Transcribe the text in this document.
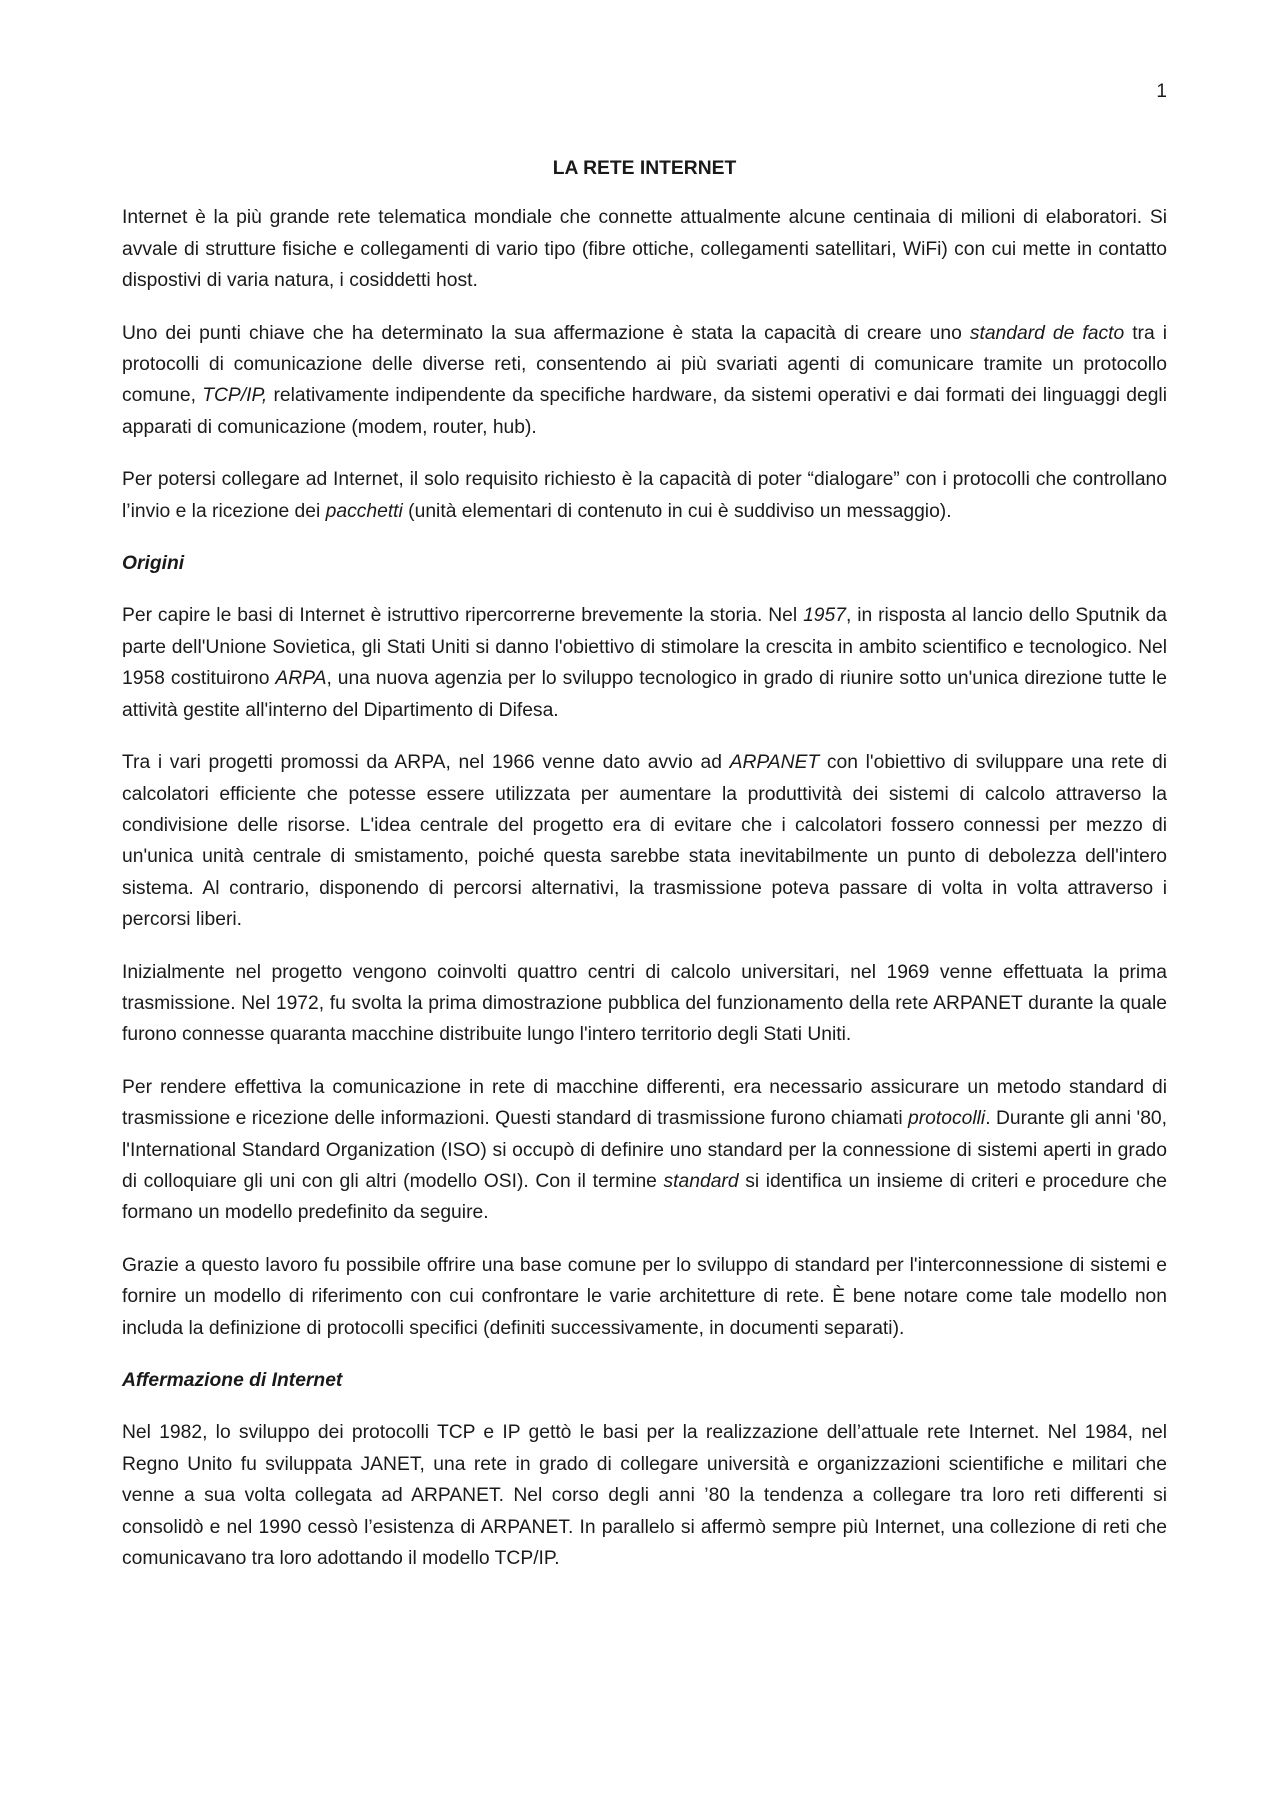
1
LA RETE INTERNET

Internet è la più grande rete telematica mondiale che connette attualmente alcune centinaia di milioni di elaboratori. Si avvale di strutture fisiche e collegamenti di vario tipo (fibre ottiche, collegamenti satellitari, WiFi) con cui mette in contatto dispostivi di varia natura, i cosiddetti host.

Uno dei punti chiave che ha determinato la sua affermazione è stata la capacità di creare uno standard de facto tra i protocolli di comunicazione delle diverse reti, consentendo ai più svariati agenti di comunicare tramite un protocollo comune, TCP/IP, relativamente indipendente da specifiche hardware, da sistemi operativi e dai formati dei linguaggi degli apparati di comunicazione (modem, router, hub).

Per potersi collegare ad Internet, il solo requisito richiesto è la capacità di poter “dialogare” con i protocolli che controllano l’invio e la ricezione dei pacchetti (unità elementari di contenuto in cui è suddiviso un messaggio).

Origini

Per capire le basi di Internet è istruttivo ripercorrerne brevemente la storia. Nel 1957, in risposta al lancio dello Sputnik da parte dell'Unione Sovietica, gli Stati Uniti si danno l'obiettivo di stimolare la crescita in ambito scientifico e tecnologico. Nel 1958 costituirono ARPA, una nuova agenzia per lo sviluppo tecnologico in grado di riunire sotto un'unica direzione tutte le attività gestite all'interno del Dipartimento di Difesa.

Tra i vari progetti promossi da ARPA, nel 1966 venne dato avvio ad ARPANET con l'obiettivo di sviluppare una rete di calcolatori efficiente che potesse essere utilizzata per aumentare la produttività dei sistemi di calcolo attraverso la condivisione delle risorse. L'idea centrale del progetto era di evitare che i calcolatori fossero connessi per mezzo di un'unica unità centrale di smistamento, poiché questa sarebbe stata inevitabilmente un punto di debolezza dell'intero sistema. Al contrario, disponendo di percorsi alternativi, la trasmissione poteva passare di volta in volta attraverso i percorsi liberi.

Inizialmente nel progetto vengono coinvolti quattro centri di calcolo universitari, nel 1969 venne effettuata la prima trasmissione. Nel 1972, fu svolta la prima dimostrazione pubblica del funzionamento della rete ARPANET durante la quale furono connesse quaranta macchine distribuite lungo l'intero territorio degli Stati Uniti.

Per rendere effettiva la comunicazione in rete di macchine differenti, era necessario assicurare un metodo standard di trasmissione e ricezione delle informazioni. Questi standard di trasmissione furono chiamati protocolli. Durante gli anni '80, l'International Standard Organization (ISO) si occupò di definire uno standard per la connessione di sistemi aperti in grado di colloquiare gli uni con gli altri (modello OSI). Con il termine standard si identifica un insieme di criteri e procedure che formano un modello predefinito da seguire.

Grazie a questo lavoro fu possibile offrire una base comune per lo sviluppo di standard per l'interconnessione di sistemi e fornire un modello di riferimento con cui confrontare le varie architetture di rete. È bene notare come tale modello non includa la definizione di protocolli specifici (definiti successivamente, in documenti separati).

Affermazione di Internet

Nel 1982, lo sviluppo dei protocolli TCP e IP gettò le basi per la realizzazione dell’attuale rete Internet. Nel 1984, nel Regno Unito fu sviluppata JANET, una rete in grado di collegare università e organizzazioni scientifiche e militari che venne a sua volta collegata ad ARPANET. Nel corso degli anni ’80 la tendenza a collegare tra loro reti differenti si consolidò e nel 1990 cessò l’esistenza di ARPANET. In parallelo si affermò sempre più Internet, una collezione di reti che comunicavano tra loro adottando il modello TCP/IP.
